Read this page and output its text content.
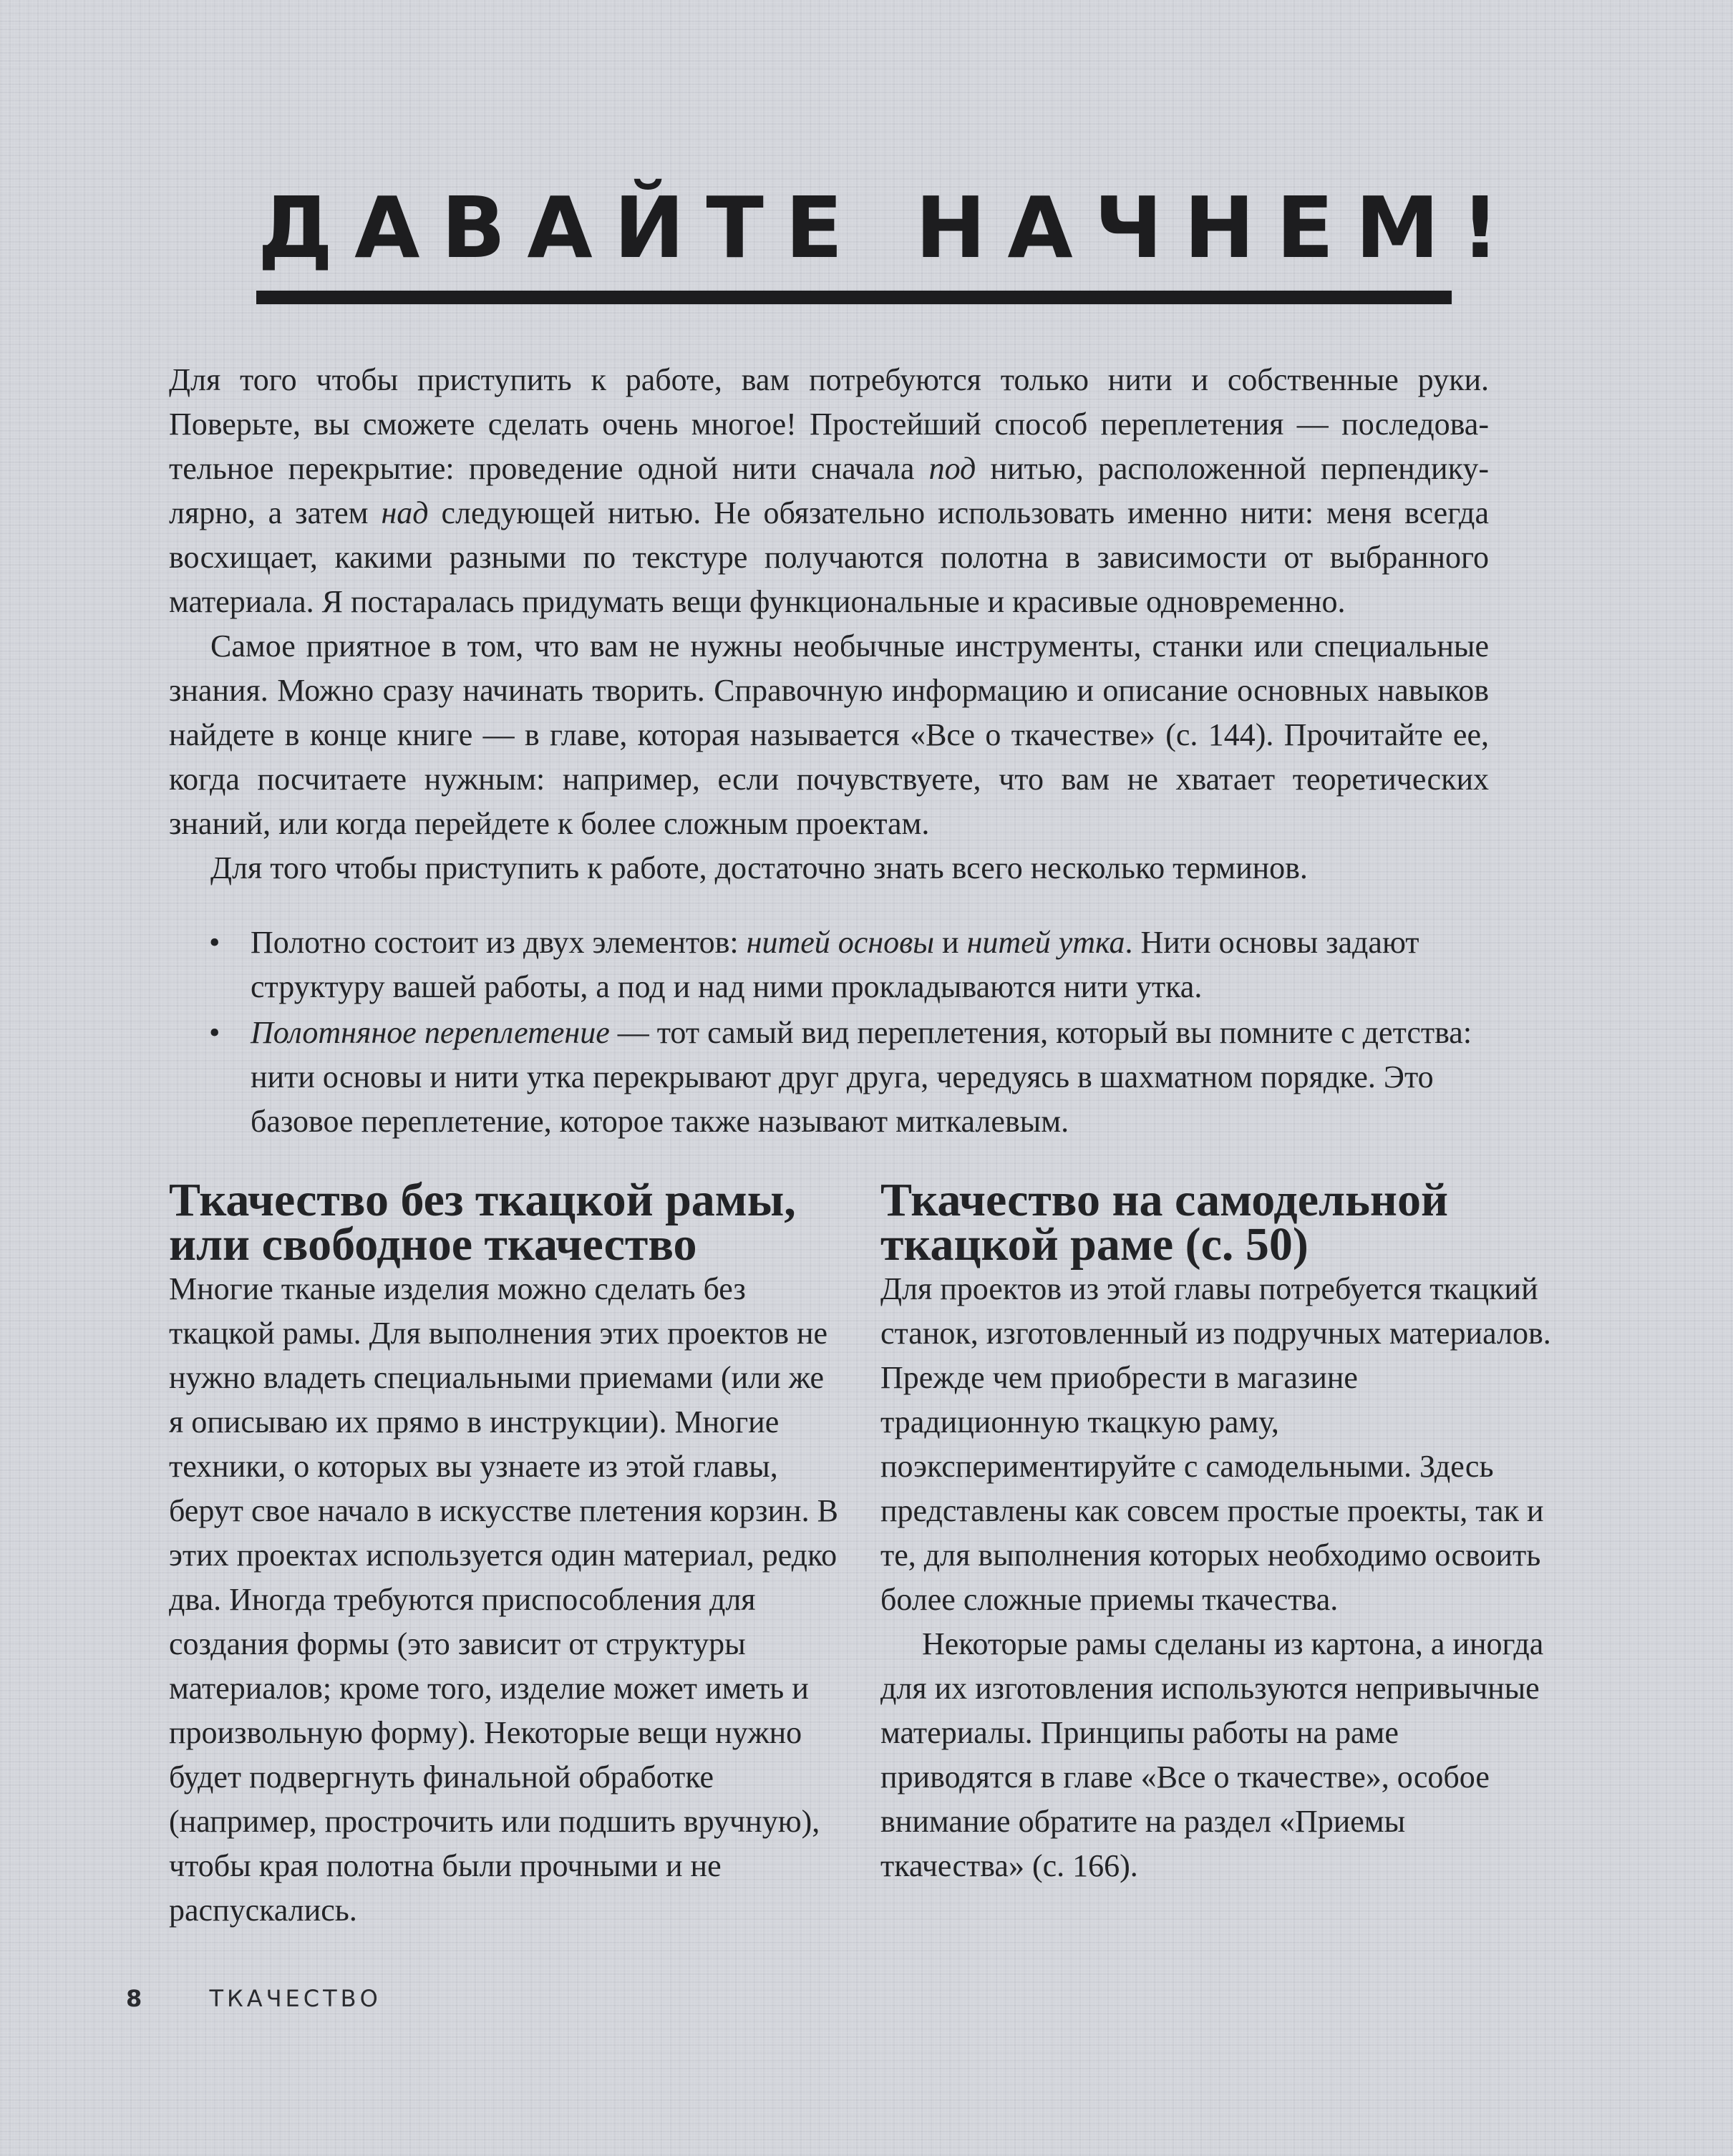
ДАВАЙТЕ НАЧНЕМ!

Для того чтобы приступить к работе, вам потребуются только нити и собственные руки. Поверьте, вы сможете сделать очень многое! Простейший способ переплетения — последовательное перекрытие: проведение одной нити сначала под нитью, расположенной перпендикулярно, а затем над следующей нитью. Не обязательно использовать именно нити: меня всегда восхищает, какими разными по текстуре получаются полотна в зависимости от выбранного материала. Я постаралась придумать вещи функциональные и красивые одновременно.

Самое приятное в том, что вам не нужны необычные инструменты, станки или специальные знания. Можно сразу начинать творить. Справочную информацию и описание основных навыков найдете в конце книге — в главе, которая называется «Все о ткачестве» (с. 144). Прочитайте ее, когда посчитаете нужным: например, если почувствуете, что вам не хватает теоретических знаний, или когда перейдете к более сложным проектам.

Для того чтобы приступить к работе, достаточно знать всего несколько терминов.

• Полотно состоит из двух элементов: нитей основы и нитей утка. Нити основы задают структуру вашей работы, а под и над ними прокладываются нити утка.
• Полотняное переплетение — тот самый вид переплетения, который вы помните с детства: нити основы и нити утка перекрывают друг друга, чередуясь в шахматном порядке. Это базовое переплетение, которое также называют миткалевым.
Ткачество без ткацкой рамы,
или свободное ткачество

Многие тканые изделия можно сделать без ткацкой рамы. Для выполнения этих проектов не нужно владеть специальными приемами (или же я описываю их прямо в инструкции). Многие техники, о которых вы узнаете из этой главы, берут свое начало в искусстве плетения корзин. В этих проектах используется один материал, редко два. Иногда требуются приспособления для создания формы (это зависит от структуры материалов; кроме того, изделие может иметь и произвольную форму). Некоторые вещи нужно будет подвергнуть финальной обработке (например, прострочить или подшить вручную), чтобы края полотна были прочными и не распускались.

Ткачество на самодельной
ткацкой раме (с. 50)

Для проектов из этой главы потребуется ткацкий станок, изготовленный из подручных материалов. Прежде чем приобрести в магазине традиционную ткацкую раму, поэкспериментируйте с самодельными. Здесь представлены как совсем простые проекты, так и те, для выполнения которых необходимо освоить более сложные приемы ткачества.

Некоторые рамы сделаны из картона, а иногда для их изготовления используются непривычные материалы. Принципы работы на раме приводятся в главе «Все о ткачестве», особое внимание обратите на раздел «Приемы ткачества» (с. 166).

8	ТКАЧЕСТВО
